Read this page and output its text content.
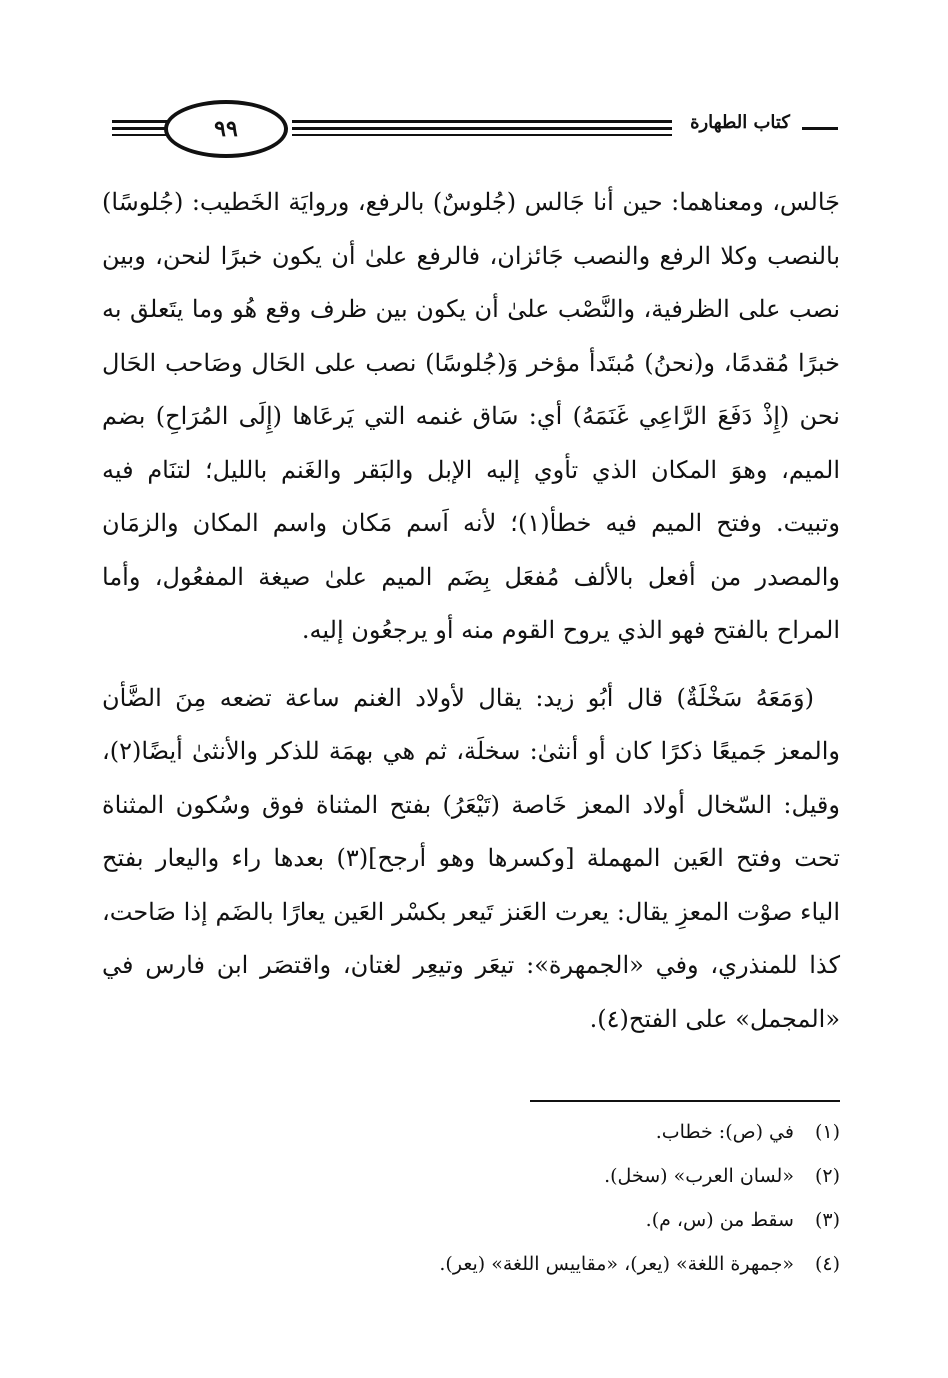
٩٩	كتاب الطهارة

جَالس، ومعناهما: حين أنا جَالس (جُلوسٌ) بالرفع، وروايَة الخَطيب: (جُلوسًا) بالنصب وكلا الرفع والنصب جَائزان، فالرفع علىٰ أن يكون خبرًا لنحن، وبين نصب على الظرفية، والنَّصْب علىٰ أن يكون بين ظرف وقع هُو وما يتَعلق به خبرًا مُقدمًا، و(نحنُ) مُبتَدأ مؤخر وَ(جُلوسًا) نصب على الحَال وصَاحب الحَال نحن (إِذْ دَفَعَ الرَّاعِي غَنَمَهُ) أي: سَاق غنمه التي يَرعَاها (إِلَى المُرَاحِ) بضم الميم، وهوَ المكان الذي تأوي إليه الإبل والبَقر والغَنم بالليل؛ لتنَام فيه وتبيت. وفتح الميم فيه خطأ(١)؛ لأنه اَسم مَكان واسم المكان والزمَان والمصدر من أفعل بالألف مُفعَل بِضَم الميم علىٰ صيغة المفعُول، وأما المراح بالفتح فهو الذي يروح القوم منه أو يرجعُون إليه.

(وَمَعَهُ سَخْلَةٌ) قال أبُو زيد: يقال لأولاد الغنم ساعة تضعه مِنَ الضَّأن والمعز جَميعًا ذكرًا كان أو أنثىٰ: سخلَة، ثم هي بهمَة للذكر والأنثىٰ أيضًا(٢)، وقيل: السّخال أولاد المعز خَاصة (تَيْعَرُ) بفتح المثناة فوق وسُكون المثناة تحت وفتح العَين المهملة [وكسرها وهو أرجح](٣) بعدها راء واليعار بفتح الياء صوْت المعزِ يقال: يعرت العَنز تَيعر بكسْر العَين يعارًا بالضَم إذا صَاحت، كذا للمنذري، وفي «الجمهرة»: تيعَر وتيعِر لغتان، واقتصَر ابن فارس في «المجمل» على الفتح(٤).

(١) في (ص): خطاب.
(٢) «لسان العرب» (سخل).
(٣) سقط من (س، م).
(٤) «جمهرة اللغة» (يعر)، «مقاييس اللغة» (يعر).
